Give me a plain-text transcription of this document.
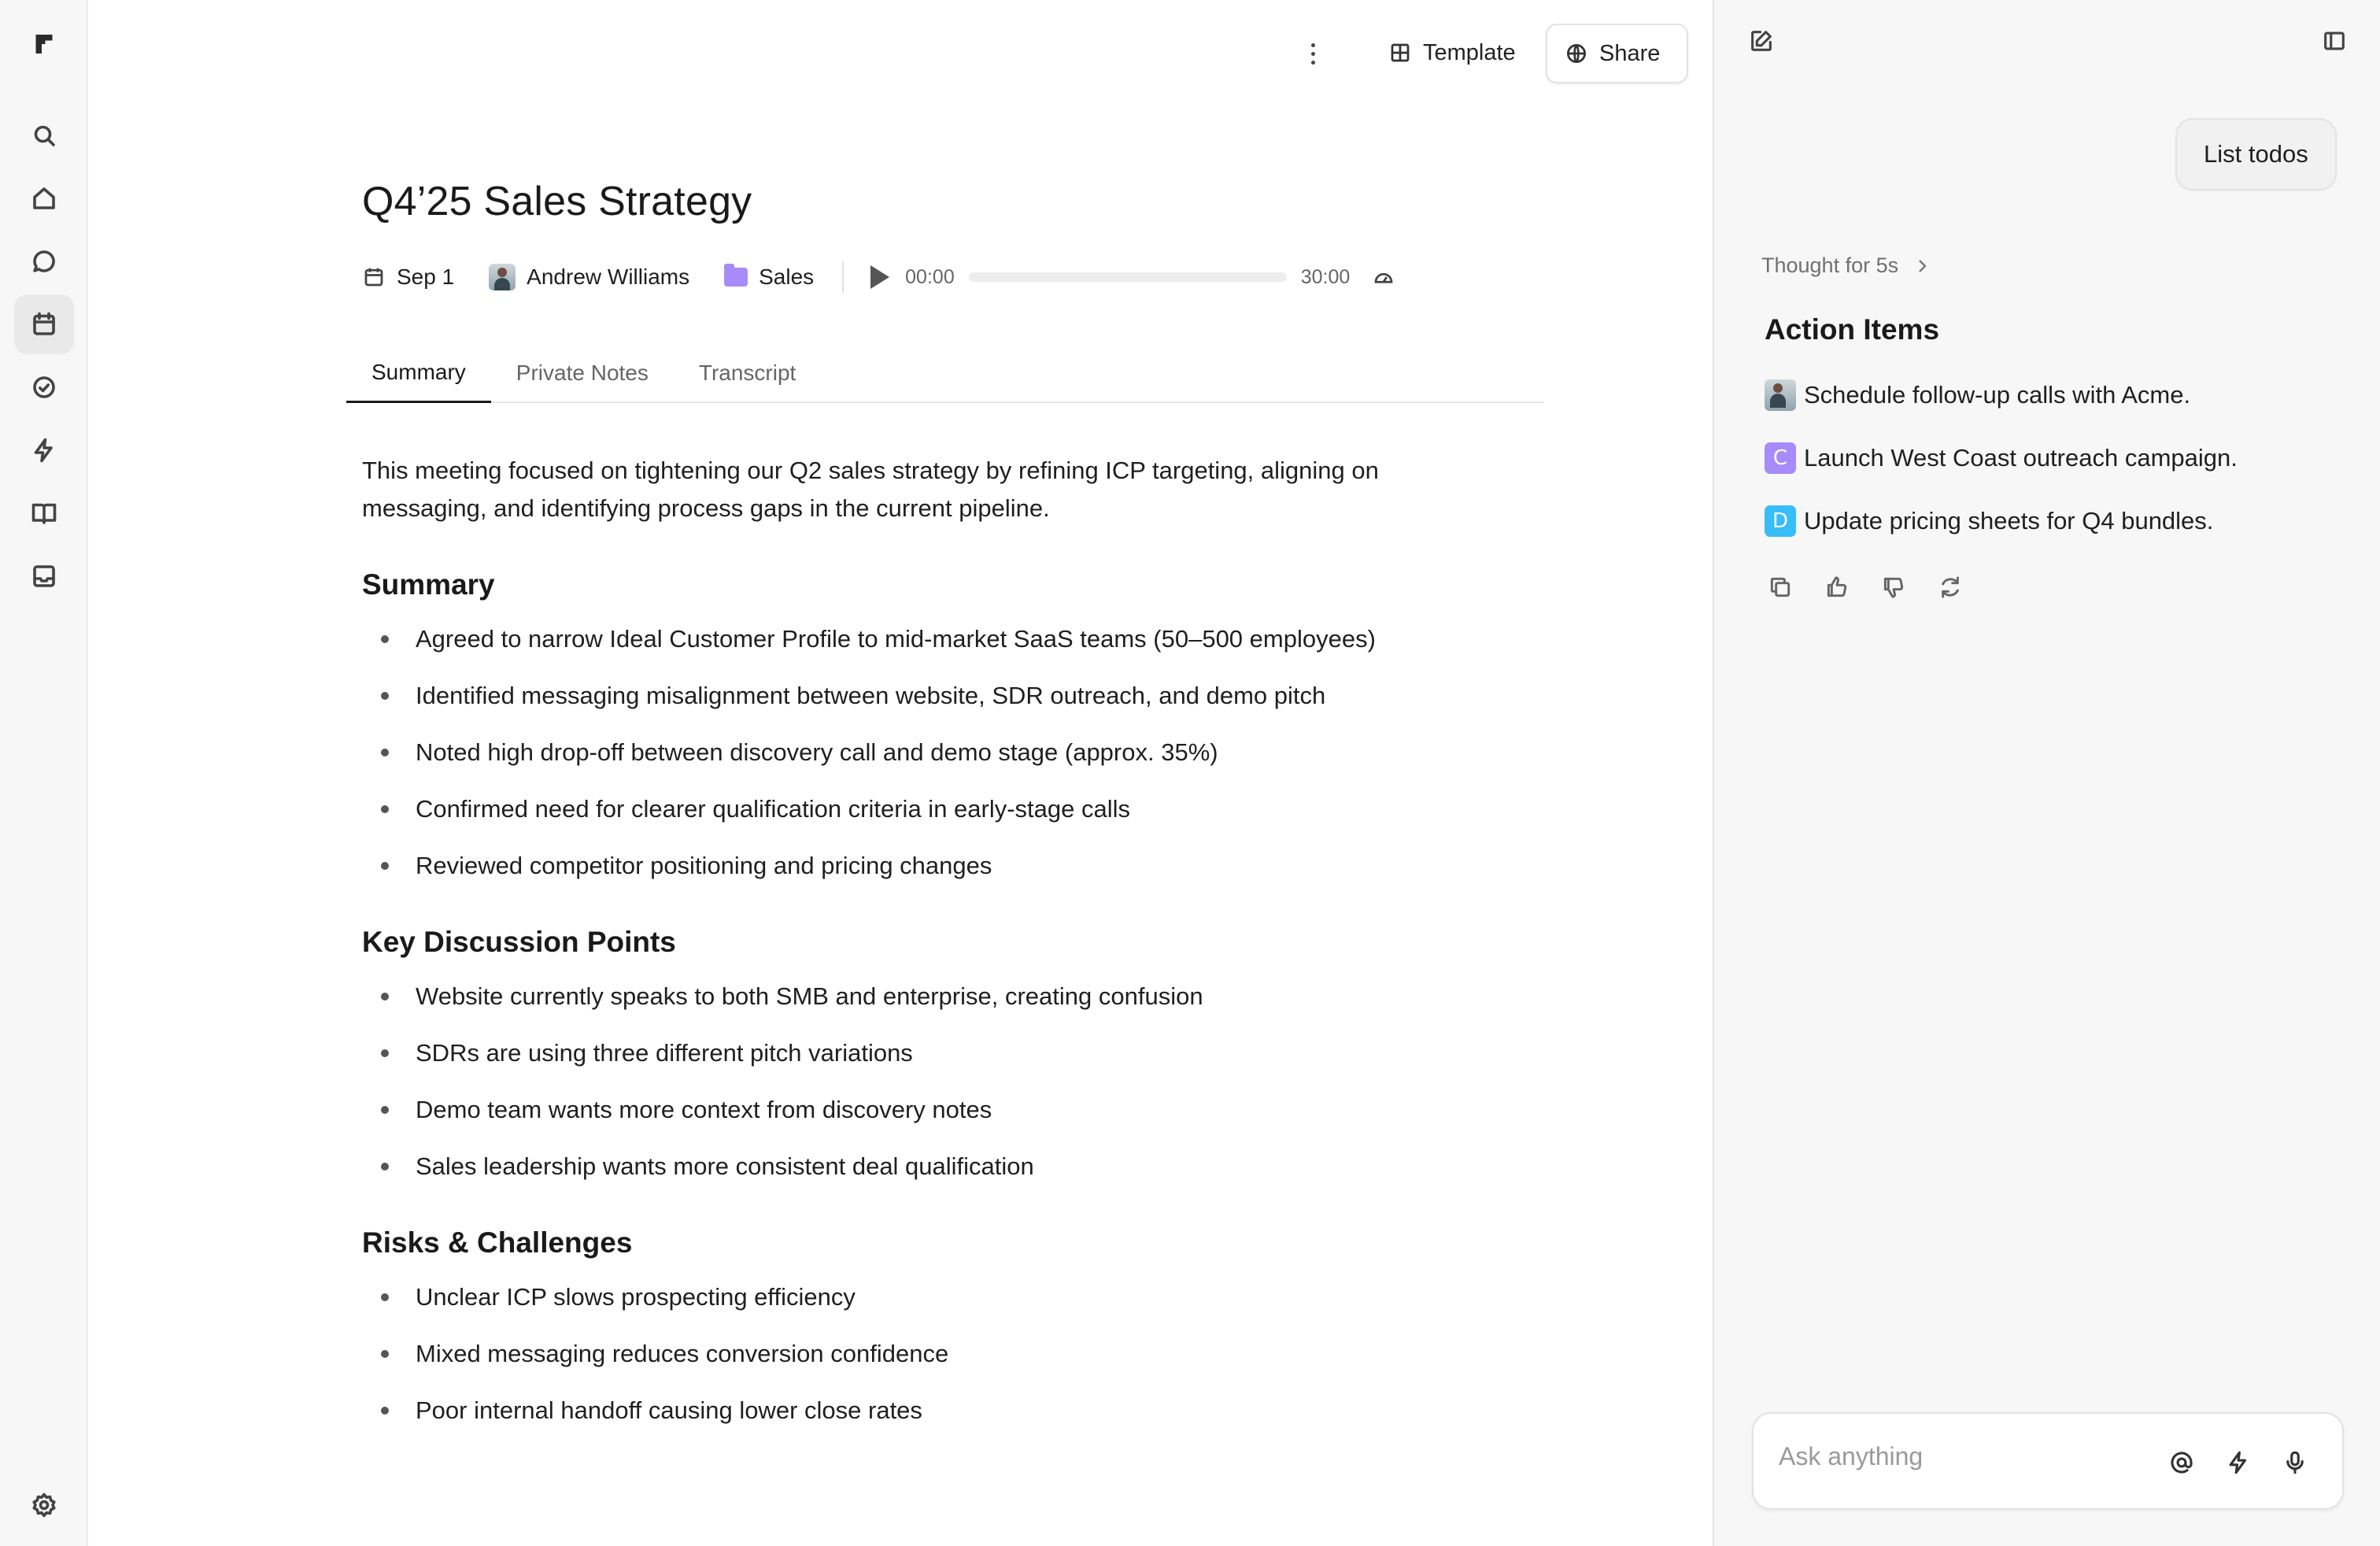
Template	Share
Q4’25 Sales Strategy
Sep 1	Andrew Williams	Sales	00:00	30:00
Summary	Private Notes	Transcript

This meeting focused on tightening our Q2 sales strategy by refining ICP targeting, aligning on messaging, and identifying process gaps in the current pipeline.

Summary
Agreed to narrow Ideal Customer Profile to mid-market SaaS teams (50–500 employees)
Identified messaging misalignment between website, SDR outreach, and demo pitch
Noted high drop-off between discovery call and demo stage (approx. 35%)
Confirmed need for clearer qualification criteria in early-stage calls
Reviewed competitor positioning and pricing changes
Key Discussion Points
Website currently speaks to both SMB and enterprise, creating confusion
SDRs are using three different pitch variations
Demo team wants more context from discovery notes
Sales leadership wants more consistent deal qualification
Risks & Challenges
Unclear ICP slows prospecting efficiency
Mixed messaging reduces conversion confidence
Poor internal handoff causing lower close rates
List todos
Thought for 5s
Action Items
Schedule follow-up calls with Acme.
C Launch West Coast outreach campaign.
D Update pricing sheets for Q4 bundles.
Ask anything
